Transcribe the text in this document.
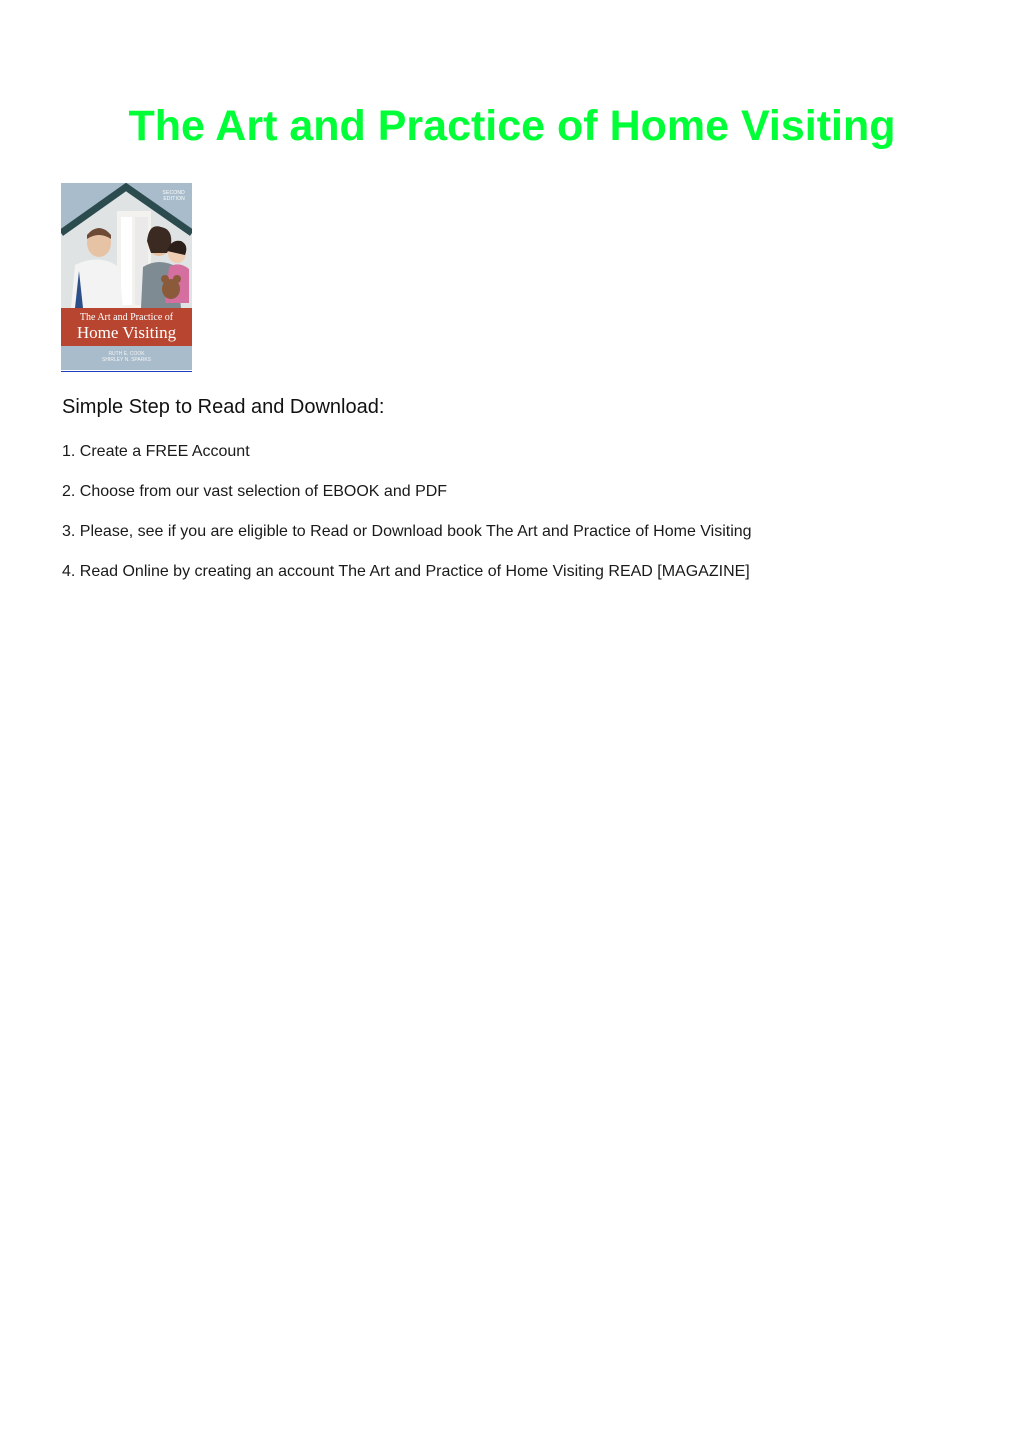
The Art and Practice of Home Visiting
SECOND EDITION
The Art and Practice of
Home Visiting
RUTH E. COOK
SHIRLEY N. SPARKS
Simple Step to Read and Download:
1. Create a FREE Account
2. Choose from our vast selection of EBOOK and PDF
3. Please, see if you are eligible to Read or Download book The Art and Practice of Home Visiting
4. Read Online by creating an account The Art and Practice of Home Visiting READ [MAGAZINE]
